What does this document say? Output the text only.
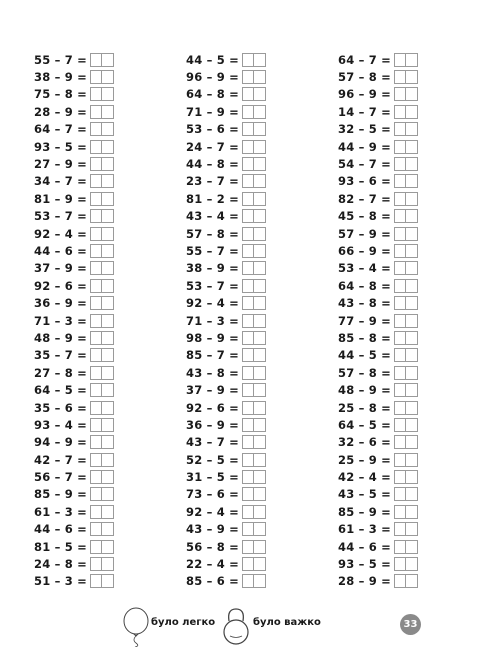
55 – 7 =
38 – 9 =
75 – 8 =
28 – 9 =
64 – 7 =
93 – 5 =
27 – 9 =
34 – 7 =
81 – 9 =
53 – 7 =
92 – 4 =
44 – 6 =
37 – 9 =
92 – 6 =
36 – 9 =
71 – 3 =
48 – 9 =
35 – 7 =
27 – 8 =
64 – 5 =
35 – 6 =
93 – 4 =
94 – 9 =
42 – 7 =
56 – 7 =
85 – 9 =
61 – 3 =
44 – 6 =
81 – 5 =
24 – 8 =
51 – 3 =
44 – 5 =
96 – 9 =
64 – 8 =
71 – 9 =
53 – 6 =
24 – 7 =
44 – 8 =
23 – 7 =
81 – 2 =
43 – 4 =
57 – 8 =
55 – 7 =
38 – 9 =
53 – 7 =
92 – 4 =
71 – 3 =
98 – 9 =
85 – 7 =
43 – 8 =
37 – 9 =
92 – 6 =
36 – 9 =
43 – 7 =
52 – 5 =
31 – 5 =
73 – 6 =
92 – 4 =
43 – 9 =
56 – 8 =
22 – 4 =
85 – 6 =
64 – 7 =
57 – 8 =
96 – 9 =
14 – 7 =
32 – 5 =
44 – 9 =
54 – 7 =
93 – 6 =
82 – 7 =
45 – 8 =
57 – 9 =
66 – 9 =
53 – 4 =
64 – 8 =
43 – 8 =
77 – 9 =
85 – 8 =
44 – 5 =
57 – 8 =
48 – 9 =
25 – 8 =
64 – 5 =
32 – 6 =
25 – 9 =
42 – 4 =
43 – 5 =
85 – 9 =
61 – 3 =
44 – 6 =
93 – 5 =
28 – 9 =
було легко	було важко	33
